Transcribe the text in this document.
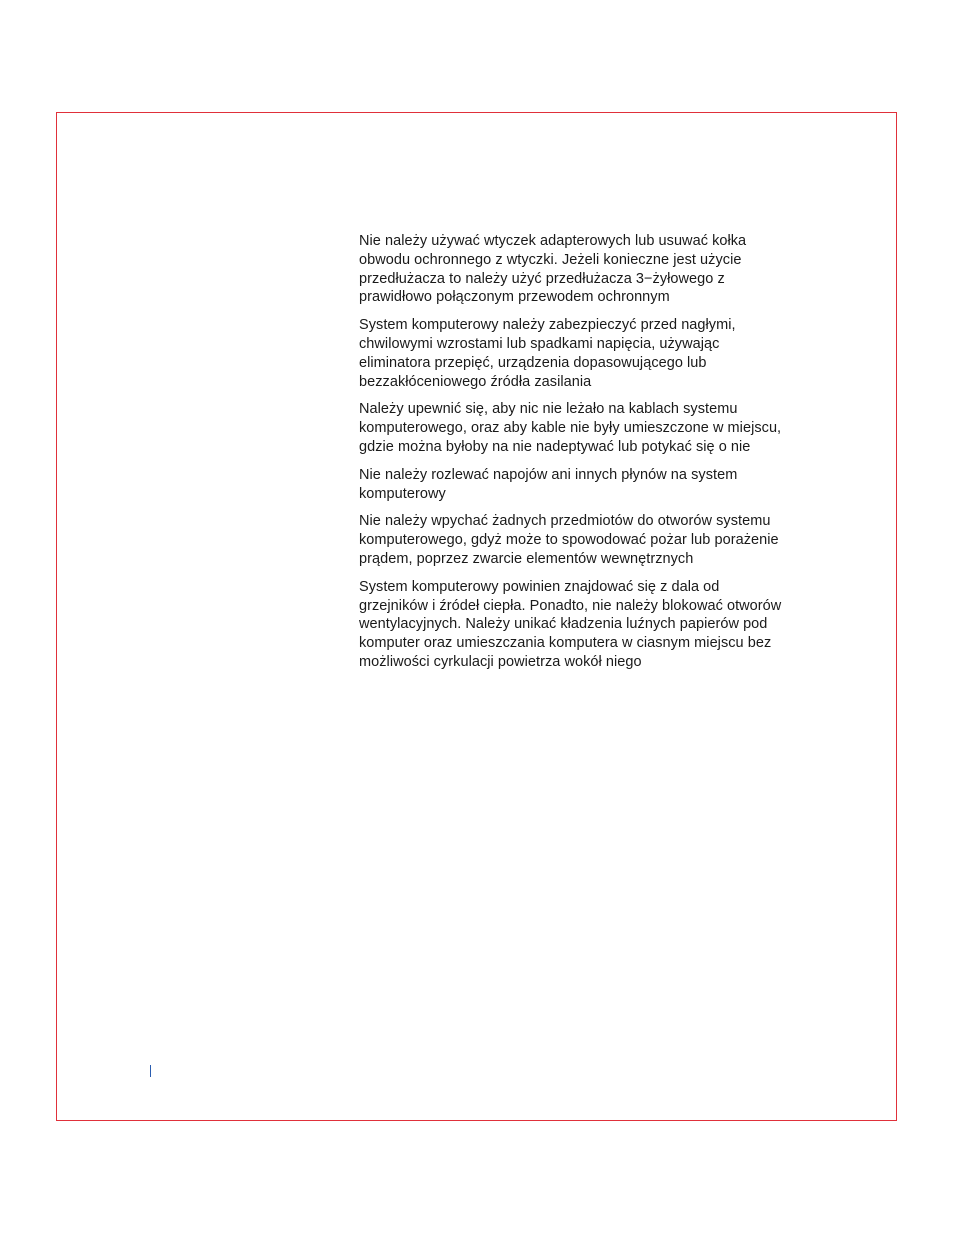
Nie należy używać wtyczek adapterowych lub usuwać kołka
obwodu ochronnego z wtyczki. Jeżeli konieczne jest użycie
przedłużacza to należy użyć przedłużacza 3−żyłowego z
prawidłowo połączonym przewodem ochronnym

System komputerowy należy zabezpieczyć przed nagłymi,
chwilowymi wzrostami lub spadkami napięcia, używając
eliminatora przepięć, urządzenia dopasowującego lub
bezzakłóceniowego źródła zasilania

Należy upewnić się, aby nic nie leżało na kablach systemu
komputerowego, oraz aby kable nie były umieszczone w miejscu,
gdzie można byłoby na nie nadeptywać lub potykać się o nie

Nie należy rozlewać napojów ani innych płynów na system
komputerowy

Nie należy wpychać żadnych przedmiotów do otworów systemu
komputerowego, gdyż może to spowodować pożar lub porażenie
prądem, poprzez zwarcie elementów wewnętrznych

System komputerowy powinien znajdować się z dala od
grzejników i źródeł ciepła. Ponadto, nie należy blokować otworów
wentylacyjnych. Należy unikać kładzenia luźnych papierów pod
komputer oraz umieszczania komputera w ciasnym miejscu bez
możliwości cyrkulacji powietrza wokół niego
